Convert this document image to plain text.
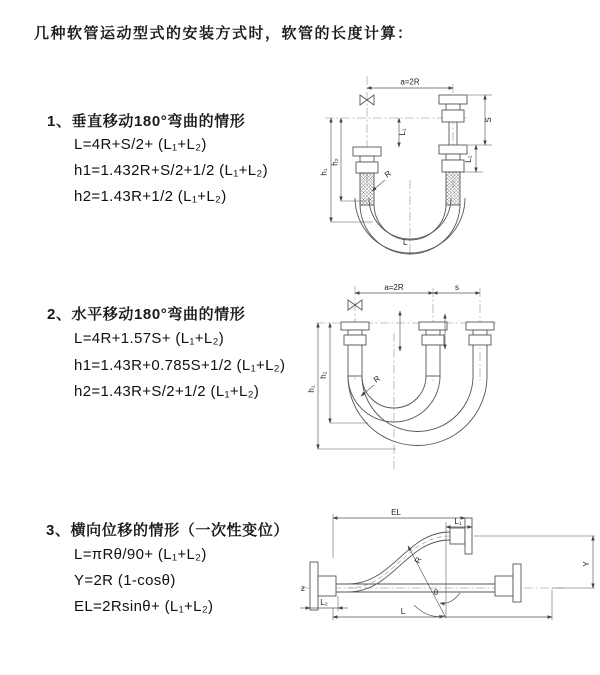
几种软管运动型式的安装方式时，软管的长度计算：
1、垂直移动180°弯曲的情形
L=4R+S/2+ (L₁+L₂)
h1=1.432R+S/2+1/2 (L₁+L₂)
h2=1.43R+1/2 (L₁+L₂)
2、水平移动180°弯曲的情形
L=4R+1.57S+ (L₁+L₂)
h1=1.43R+0.785S+1/2 (L₁+L₂)
h2=1.43R+S/2+1/2 (L₁+L₂)
3、横向位移的情形（一次性变位）
L=πRθ/90+ (L₁+L₂)
Y=2R (1-cosθ)
EL=2Rsinθ+ (L₁+L₂)
a=2R
h₁
h₂
L₁
S
L₂
R
L
a=2R	s
h₁
h₂	R
z
R
θ
EL
L₁
Y
L₂
L
